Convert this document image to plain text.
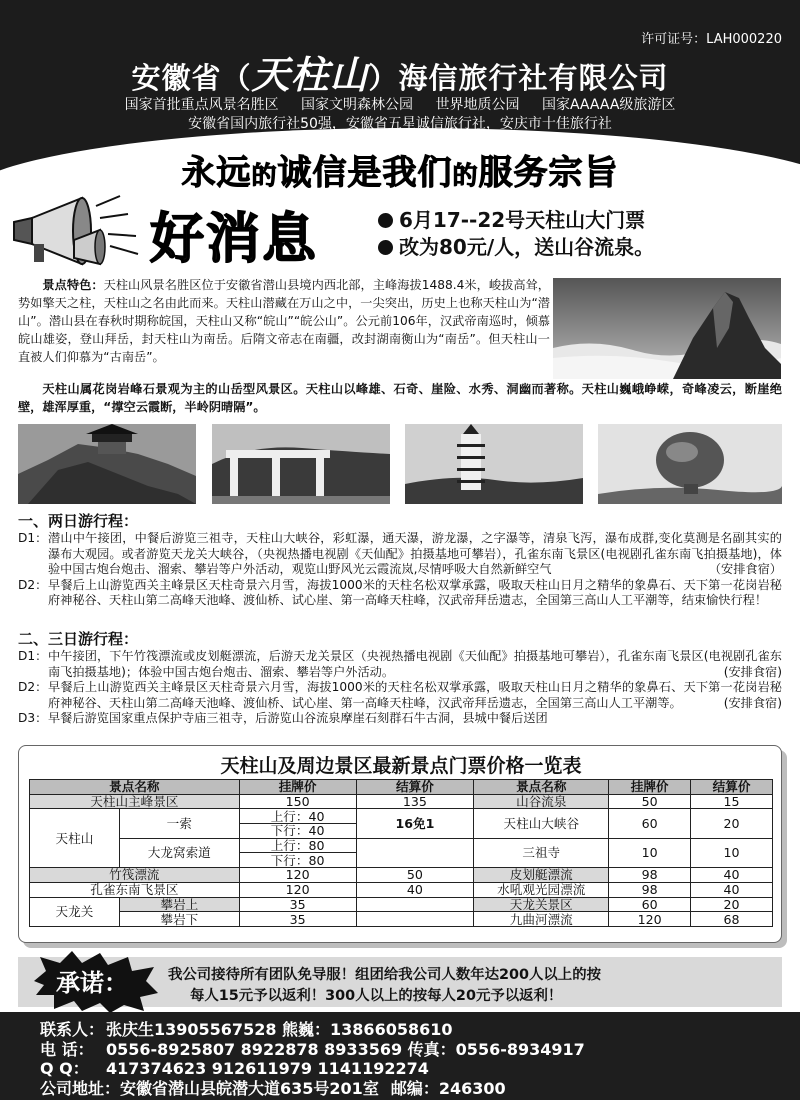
许可证号：LAH000220
安徽省（天柱山）海信旅行社有限公司
国家首批重点风景名胜区 国家文明森林公园 世界地质公园 国家AAAAA级旅游区
安徽省国内旅行社50强，安徽省五星诚信旅行社，安庆市十佳旅行社
永远的诚信是我们的服务宗旨
好消息	6月17--22号天柱山大门票
改为80元/人，送山谷流泉。
景点特色：天柱山风景名胜区位于安徽省潜山县境内西北部，主峰海拔1488.4米，峻拔高耸，势如擎天之柱，天柱山之名由此而来。天柱山潜藏在万山之中，一尖突出，历史上也称天柱山为“潜山”。潜山县在春秋时期称皖国，天柱山又称“皖山”“皖公山”。公元前106年，汉武帝南巡时，倾慕皖山雄姿，登山拜岳，封天柱山为南岳。后隋文帝志在南疆，改封湖南衡山为“南岳”。但天柱山一直被人们仰慕为“古南岳”。
天柱山属花岗岩峰石景观为主的山岳型风景区。天柱山以峰雄、石奇、崖险、水秀、洞幽而著称。天柱山巍峨峥嵘，奇峰凌云，断崖绝壁，雄浑厚重，“撑空云霞断，半岭阴晴隔”。
一、两日游行程：
D1： 潜山中午接团，中餐后游览三祖寺，天柱山大峡谷，彩虹瀑，通天瀑，游龙瀑，之字瀑等，清泉飞泻，瀑布成群,变化莫测是名副其实的瀑布大观园。或者游览天龙关大峡谷，（央视热播电视剧《天仙配》拍摄基地可攀岩），孔雀东南飞景区(电视剧孔雀东南飞拍摄基地)，体验中国古炮台炮击、溜索、攀岩等户外活动，观览山野风光云霞流岚,尽情呼吸大自然新鲜空气	（安排食宿）
D2： 早餐后上山游览西关主峰景区天柱奇景六月雪，海拔1000米的天柱名松双掌承露，吸取天柱山日月之精华的象鼻石、天下第一花岗岩秘府神秘谷、天柱山第二高峰天池峰、渡仙桥、试心崖、第一高峰天柱峰，汉武帝拜岳遗志，全国第三高山人工平潮等，结束愉快行程！
二、三日游行程：
D1： 中午接团，下午竹筏漂流或皮划艇漂流，后游天龙关景区（央视热播电视剧《天仙配》拍摄基地可攀岩），孔雀东南飞景区(电视剧孔雀东南飞拍摄基地)；体验中国古炮台炮击、溜索、攀岩等户外活动。	(安排食宿)
D2： 早餐后上山游览西关主峰景区天柱奇景六月雪，海拔1000米的天柱名松双掌承露，吸取天柱山日月之精华的象鼻石、天下第一花岗岩秘府神秘谷、天柱山第二高峰天池峰、渡仙桥、试心崖、第一高峰天柱峰，汉武帝拜岳遗志，全国第三高山人工平潮等。	(安排食宿)
D3： 早餐后游览国家重点保护寺庙三祖寺，后游览山谷流泉摩崖石刻群石牛古洞，县城中餐后送团
天柱山及周边景区最新景点门票价格一览表
景点名称		挂牌价	结算价	景点名称	挂牌价	结算价
天柱山主峰景区		150	135	山谷流泉	50	15
天柱山	一索	上行：40	16免1	天柱山大峡谷	60	20
		下行：40				
	大龙窝索道	上行：80		三祖寺	10	10
		下行：80				
竹筏漂流		120	50	皮划艇漂流	98	40
孔雀东南飞景区		120	40	水吼观光园漂流	98	40
天龙关	攀岩上	35		天龙关景区	60	20
	攀岩下	35		九曲河漂流	120	68
承诺：	我公司接待所有团队免导服！组团给我公司人数年达200人以上的按
每人15元予以返利！300人以上的按每人20元予以返利！
联系人： 张庆生13905567528 熊巍：13866058610
电 话： 0556-8925807 8922878 8933569 传真：0556-8934917
Q Q： 417374623 912611979 1141192274
公司地址：安徽省潜山县皖潜大道635号201室 邮编：246300
